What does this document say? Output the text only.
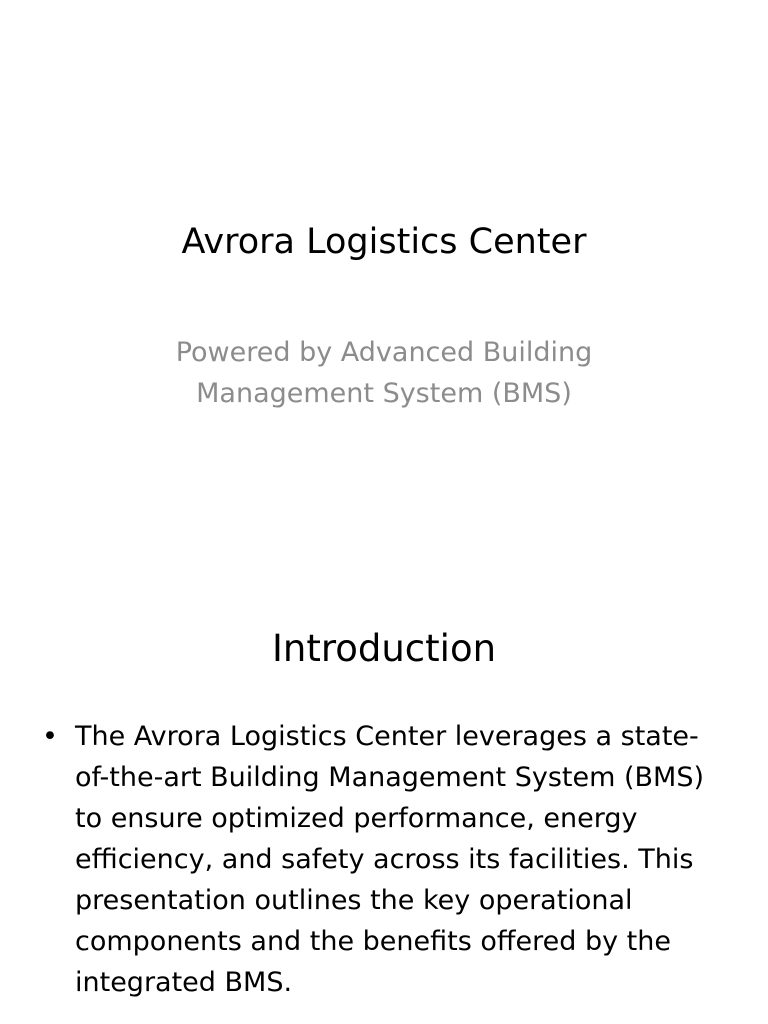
Avrora Logistics Center
Powered by Advanced Building Management System (BMS)
Introduction
• The Avrora Logistics Center leverages a state-of-the-art Building Management System (BMS) to ensure optimized performance, energy efficiency, and safety across its facilities. This presentation outlines the key operational components and the benefits offered by the integrated BMS.
